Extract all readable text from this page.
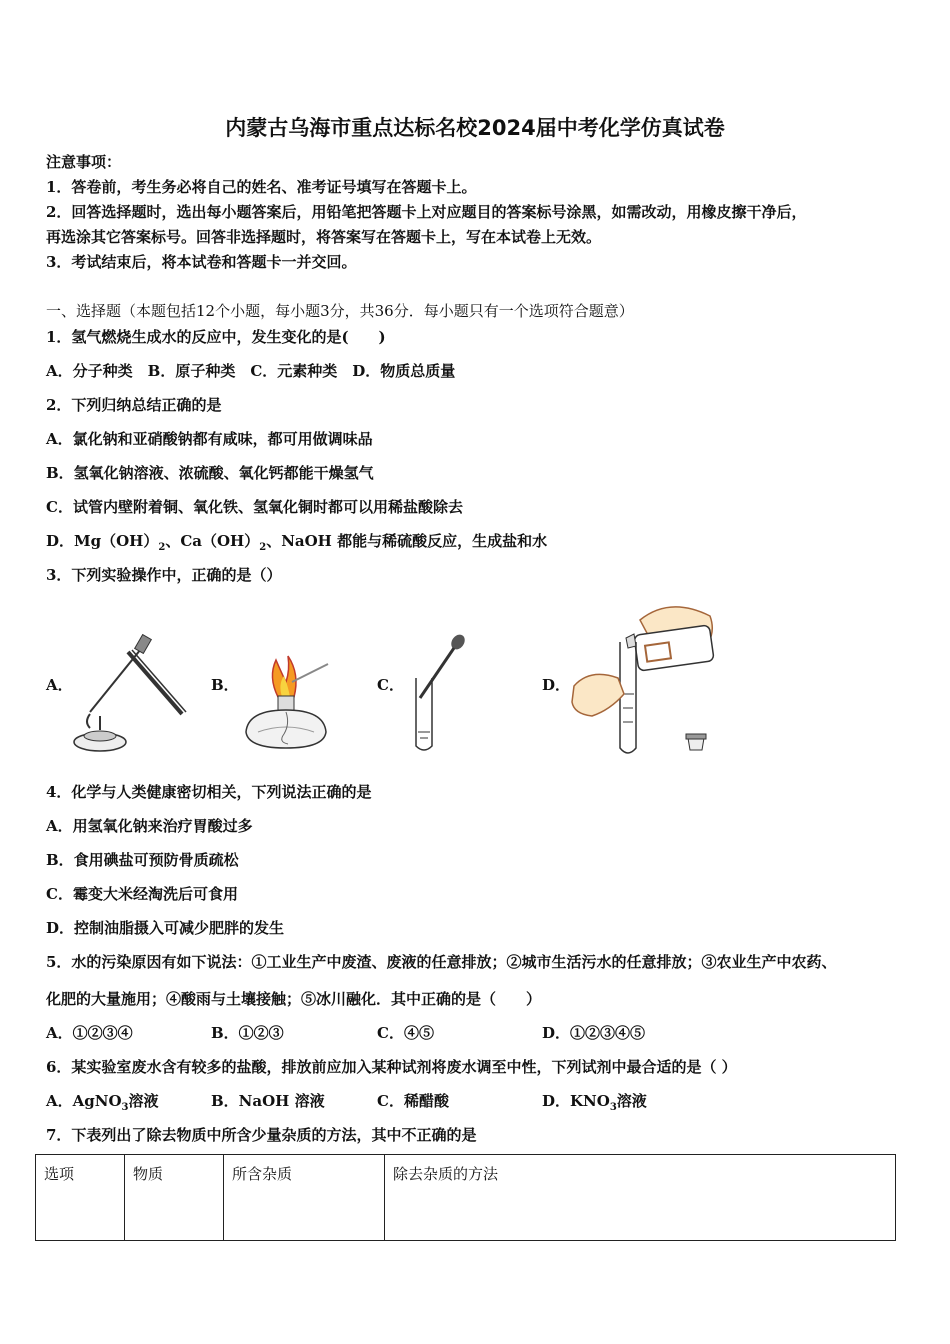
内蒙古乌海市重点达标名校2024届中考化学仿真试卷
注意事项：
1．答卷前，考生务必将自己的姓名、准考证号填写在答题卡上。
2．回答选择题时，选出每小题答案后，用铅笔把答题卡上对应题目的答案标号涂黑，如需改动，用橡皮擦干净后，
再选涂其它答案标号。回答非选择题时，将答案写在答题卡上，写在本试卷上无效。
3．考试结束后，将本试卷和答题卡一并交回。
一、选择题（本题包括12个小题，每小题3分，共36分．每小题只有一个选项符合题意）
1．氢气燃烧生成水的反应中，发生变化的是(　　)
A．分子种类　B．原子种类　C．元素种类　D．物质总质量
2．下列归纳总结正确的是
A．氯化钠和亚硝酸钠都有咸味，都可用做调味品
B．氢氧化钠溶液、浓硫酸、氧化钙都能干燥氢气
C．试管内壁附着铜、氧化铁、氢氧化铜时都可以用稀盐酸除去
D．$Mg(OH)_2$、$Ca(OH)_2$、NaOH 都能与稀硫酸反应，生成盐和水
3．下列实验操作中，正确的是（）
A．	B．	C．	D．
4．化学与人类健康密切相关，下列说法正确的是
A．用氢氧化钠来治疗胃酸过多
B．食用碘盐可预防骨质疏松
C．霉变大米经淘洗后可食用
D．控制油脂摄入可减少肥胖的发生
5．水的污染原因有如下说法：①工业生产中废渣、废液的任意排放；②城市生活污水的任意排放；③农业生产中农药、
化肥的大量施用；④酸雨与土壤接触；⑤冰川融化．其中正确的是（　　）
A．①②③④	B．①②③	C．④⑤	D．①②③④⑤
6．某实验室废水含有较多的盐酸，排放前应加入某种试剂将废水调至中性，下列试剂中最合适的是（ ）
A．AgNO$_3$溶液	B．NaOH 溶液	C．稀醋酸	D．$KNO_3$溶液
7．下表列出了除去物质中所含少量杂质的方法，其中不正确的是
选项	物质	所含杂质	除去杂质的方法
